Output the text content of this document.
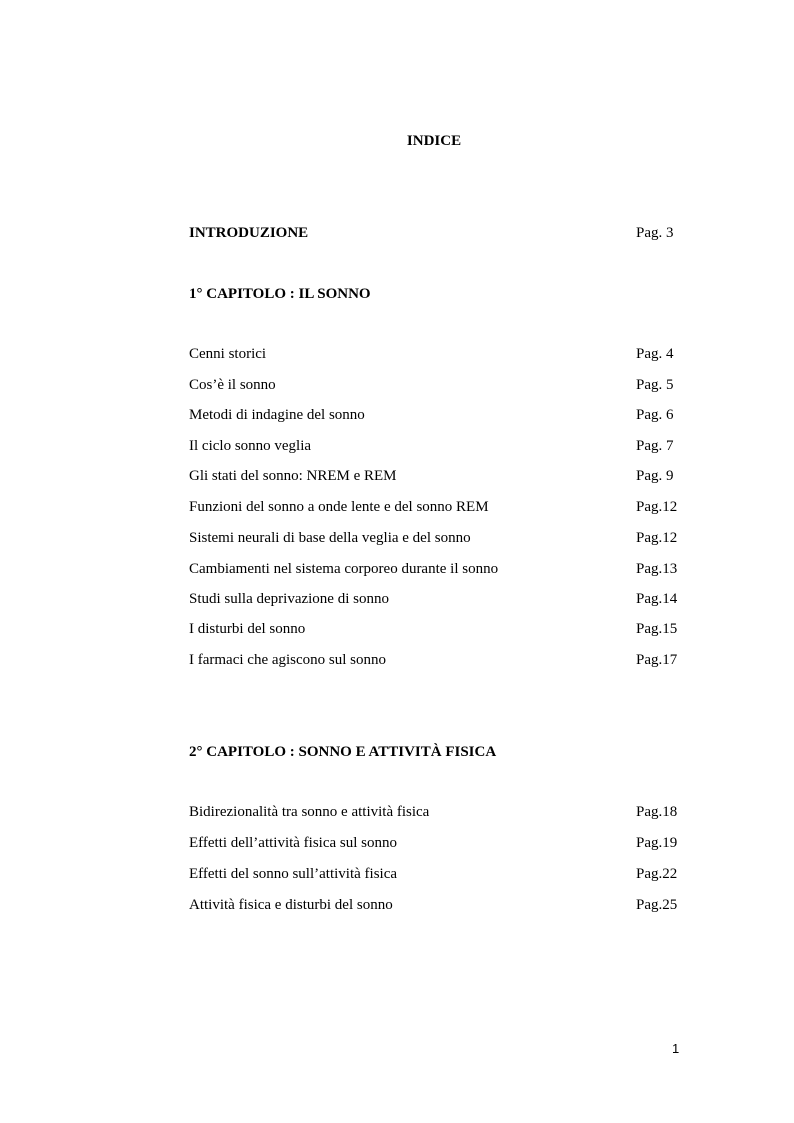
INDICE
INTRODUZIONE	Pag. 3
1° CAPITOLO : IL SONNO
Cenni storici	Pag. 4
Cos’è il sonno	Pag. 5
Metodi di indagine del sonno	Pag. 6
Il ciclo sonno veglia	Pag. 7
Gli stati del sonno: NREM e REM	Pag. 9
Funzioni del sonno a onde lente e del sonno REM	Pag.12
Sistemi neurali di base della veglia e del sonno	Pag.12
Cambiamenti nel sistema corporeo durante il sonno	Pag.13
Studi sulla deprivazione di sonno	Pag.14
I disturbi del sonno	Pag.15
I farmaci che agiscono sul sonno	Pag.17
2° CAPITOLO : SONNO E ATTIVITÀ FISICA
Bidirezionalità tra sonno e attività fisica	Pag.18
Effetti dell’attività fisica sul sonno	Pag.19
Effetti del sonno sull’attività fisica	Pag.22
Attività fisica e disturbi del sonno	Pag.25
1
